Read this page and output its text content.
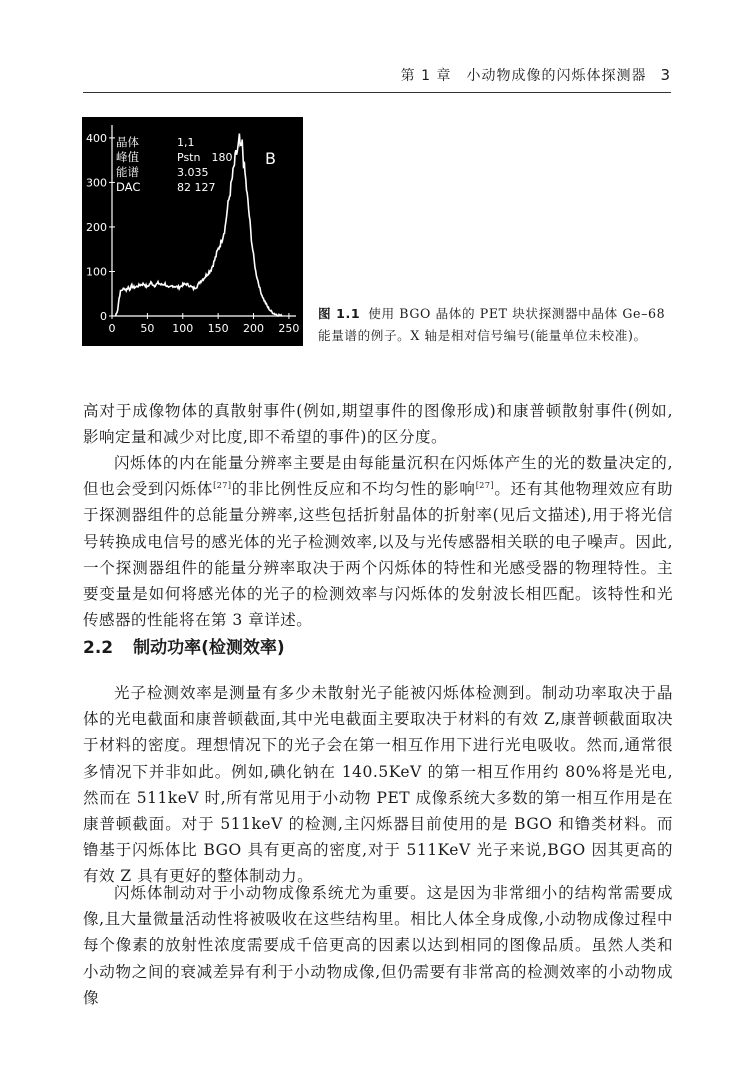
第 1 章　小动物成像的闪烁体探测器 3
0
100
200
300
400
0 50 100 150 200 250
晶体	1,1
峰值	Pstn　180
能谱	3.035
DAC	82 127
B
图 1.1 使用 BGO 晶体的 PET 块状探测器中晶体 Ge–68 能量谱的例子。X 轴是相对信号编号(能量单位未校准)。

高对于成像物体的真散射事件(例如,期望事件的图像形成)和康普顿散射事件(例如,影响定量和减少对比度,即不希望的事件)的区分度。

闪烁体的内在能量分辨率主要是由每能量沉积在闪烁体产生的光的数量决定的,但也会受到闪烁体[27]的非比例性反应和不均匀性的影响[27]。还有其他物理效应有助于探测器组件的总能量分辨率,这些包括折射晶体的折射率(见后文描述),用于将光信号转换成电信号的感光体的光子检测效率,以及与光传感器相关联的电子噪声。因此,一个探测器组件的能量分辨率取决于两个闪烁体的特性和光感受器的物理特性。主要变量是如何将感光体的光子的检测效率与闪烁体的发射波长相匹配。该特性和光传感器的性能将在第 3 章详述。

2.2 制动功率(检测效率)

光子检测效率是测量有多少未散射光子能被闪烁体检测到。制动功率取决于晶体的光电截面和康普顿截面,其中光电截面主要取决于材料的有效 Z,康普顿截面取决于材料的密度。理想情况下的光子会在第一相互作用下进行光电吸收。然而,通常很多情况下并非如此。例如,碘化钠在 140.5KeV 的第一相互作用约 80%将是光电,然而在 511keV 时,所有常见用于小动物 PET 成像系统大多数的第一相互作用是在康普顿截面。对于 511keV 的检测,主闪烁器目前使用的是 BGO 和镥类材料。而镥基于闪烁体比 BGO 具有更高的密度,对于 511KeV 光子来说,BGO 因其更高的有效 Z 具有更好的整体制动力。

闪烁体制动对于小动物成像系统尤为重要。这是因为非常细小的结构常需要成像,且大量微量活动性将被吸收在这些结构里。相比人体全身成像,小动物成像过程中每个像素的放射性浓度需要成千倍更高的因素以达到相同的图像品质。虽然人类和小动物之间的衰减差异有利于小动物成像,但仍需要有非常高的检测效率的小动物成像
